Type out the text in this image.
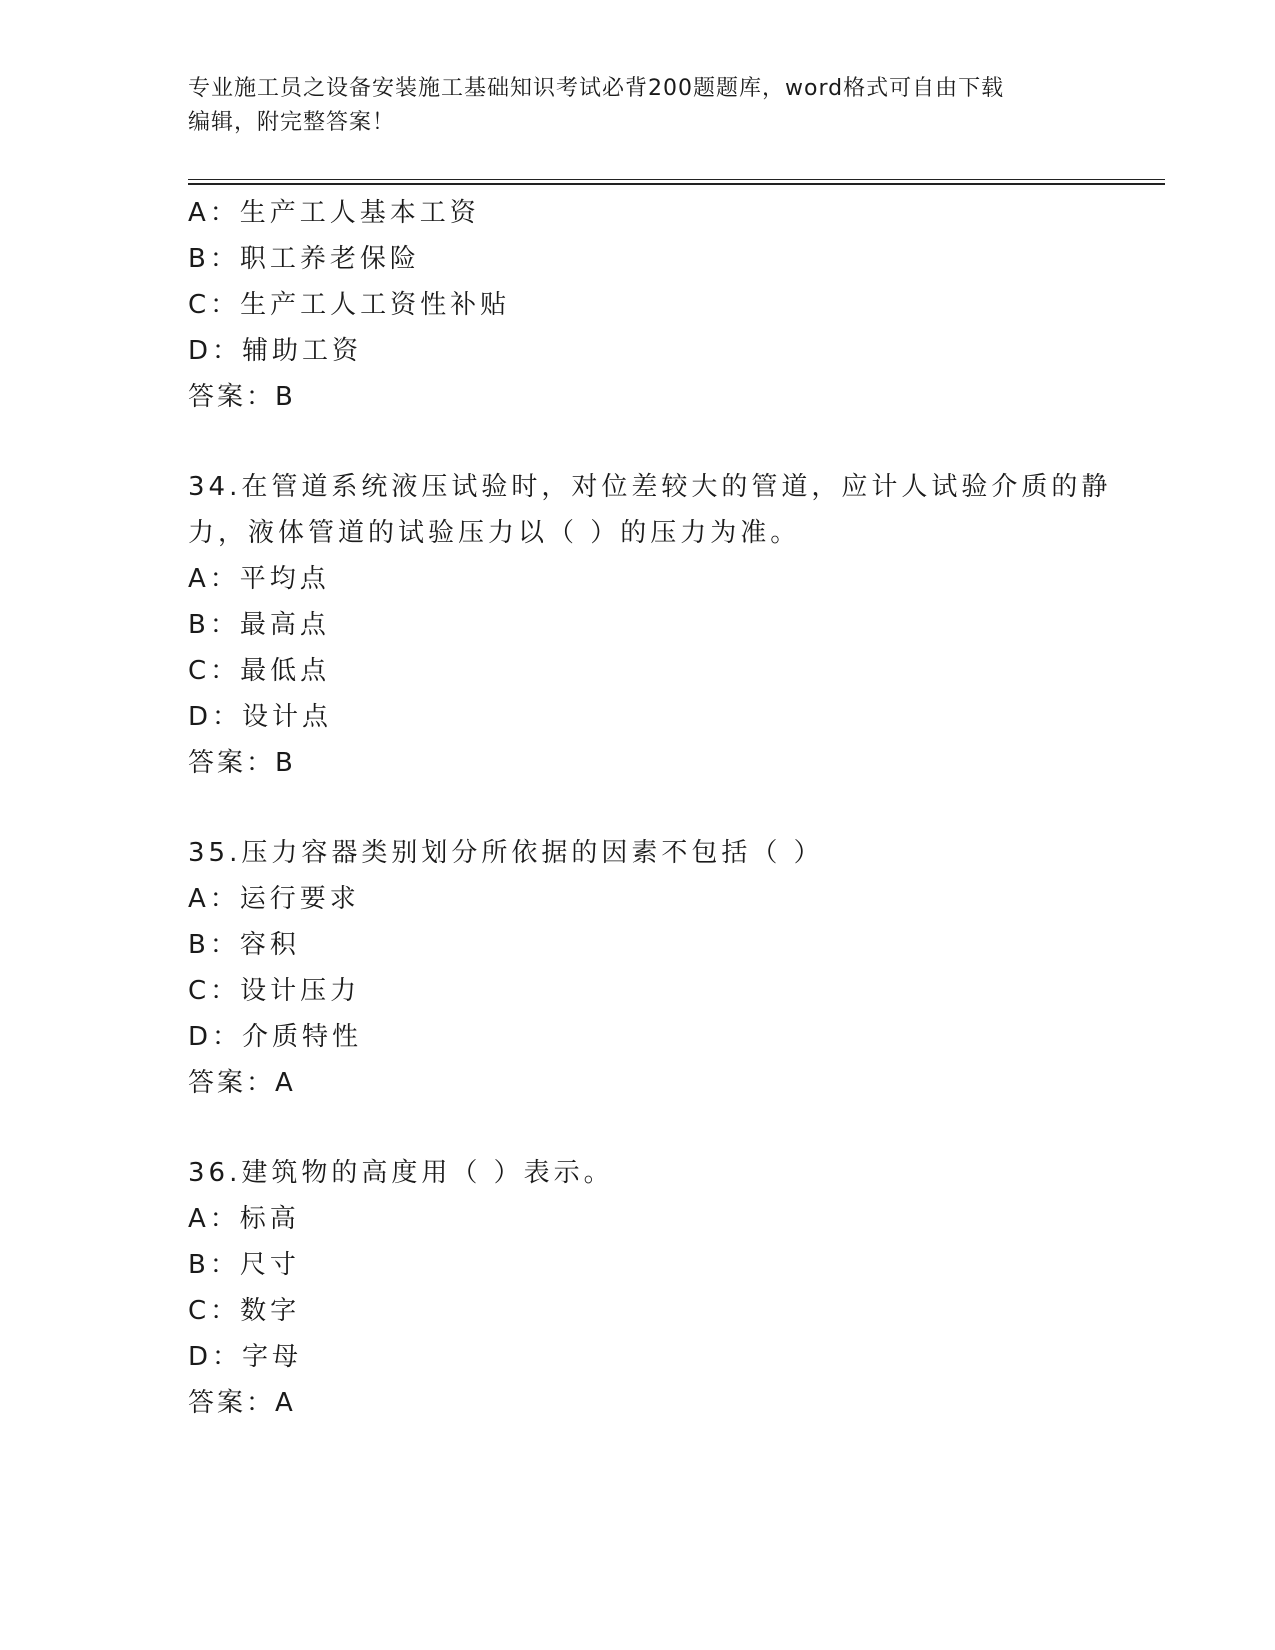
专业施工员之设备安装施工基础知识考试必背200题题库，word格式可自由下载
编辑，附完整答案！
A：生产工人基本工资
B：职工养老保险
C：生产工人工资性补贴
D：辅助工资
答案：B
34.在管道系统液压试验时，对位差较大的管道，应计人试验介质的静
力，液体管道的试验压力以（ ）的压力为准。
A：平均点
B：最高点
C：最低点
D：设计点
答案：B
35.压力容器类别划分所依据的因素不包括（ ）
A：运行要求
B：容积
C：设计压力
D：介质特性
答案：A
36.建筑物的高度用（ ）表示。
A：标高
B：尺寸
C：数字
D：字母
答案：A
